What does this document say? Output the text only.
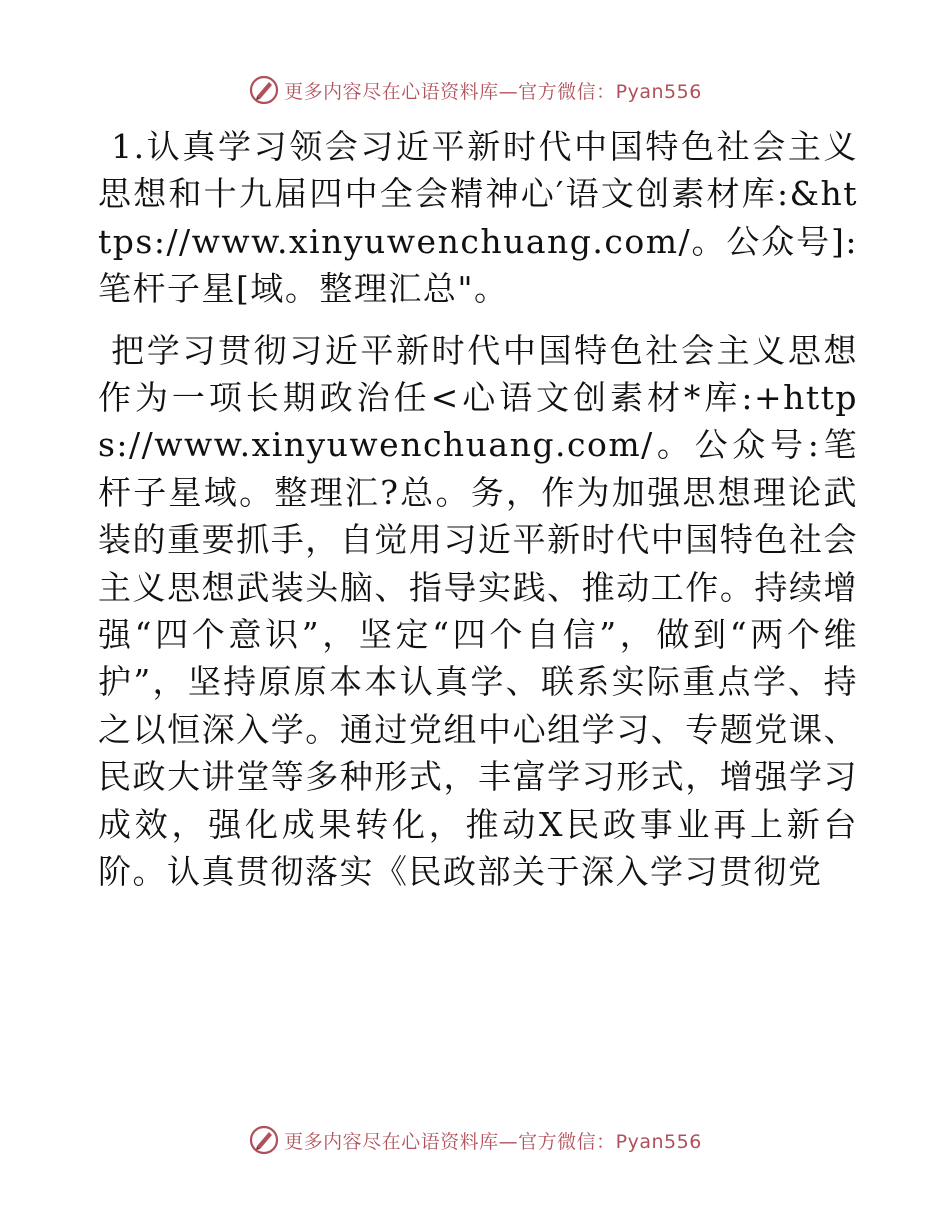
更多内容尽在心语资料库—官方微信：Pyan556

1.认真学习领会习近平新时代中国特色社会主义思想和十九届四中全会精神心′语文创素材库:&https://www.xinyuwenchuang.com/。公众号]:笔杆子星[域。整理汇总"。

把学习贯彻习近平新时代中国特色社会主义思想作为一项长期政治任<心语文创素材*库:+https://www.xinyuwenchuang.com/。公众号:笔杆子星域。整理汇?总。务，作为加强思想理论武装的重要抓手，自觉用习近平新时代中国特色社会主义思想武装头脑、指导实践、推动工作。持续增强“四个意识”，坚定“四个自信”，做到“两个维护”，坚持原原本本认真学、联系实际重点学、持之以恒深入学。通过党组中心组学习、专题党课、民政大讲堂等多种形式，丰富学习形式，增强学习成效，强化成果转化，推动X民政事业再上新台阶。认真贯彻落实《民政部关于深入学习贯彻党

更多内容尽在心语资料库—官方微信：Pyan556
